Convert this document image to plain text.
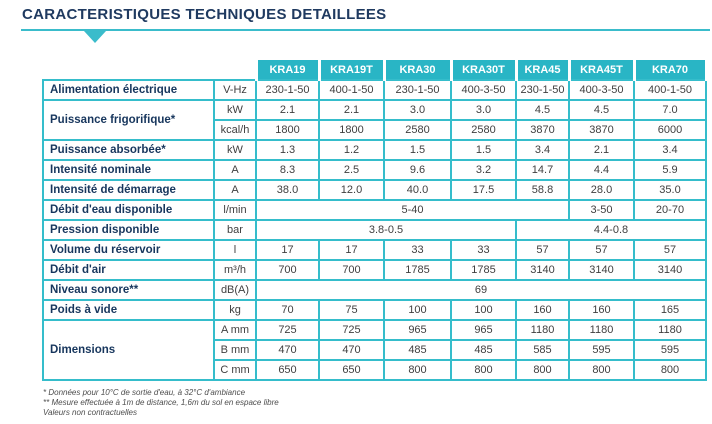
CARACTERISTIQUES TECHNIQUES DETAILLEES
		KRA19	KRA19T	KRA30	KRA30T	KRA45	KRA45T	KRA70
Alimentation électrique	V-Hz	230-1-50	400-1-50	230-1-50	400-3-50	230-1-50	400-3-50	400-1-50
Puissance frigorifique*	kW	2.1	2.1	3.0	3.0	4.5	4.5	7.0
	kcal/h	1800	1800	2580	2580	3870	3870	6000
Puissance absorbée*	kW	1.3	1.2	1.5	1.5	3.4	2.1	3.4
Intensité nominale	A	8.3	2.5	9.6	3.2	14.7	4.4	5.9
Intensité de démarrage	A	38.0	12.0	40.0	17.5	58.8	28.0	35.0
Débit d'eau disponible	l/min	5-40					3-50	20-70
Pression disponible	bar	3.8-0.5				4.4-0.8		
Volume du réservoir	l	17	17	33	33	57	57	57
Débit d'air	m³/h	700	700	1785	1785	3140	3140	3140
Niveau sonore**	dB(A)	69						
Poids à vide	kg	70	75	100	100	160	160	165
Dimensions	A mm	725	725	965	965	1180	1180	1180
	B mm	470	470	485	485	585	595	595
	C mm	650	650	800	800	800	800	800
* Données pour 10°C de sortie d'eau, à 32°C d'ambiance
** Mesure effectuée à 1m de distance, 1,6m du sol en espace libre
Valeurs non contractuelles
